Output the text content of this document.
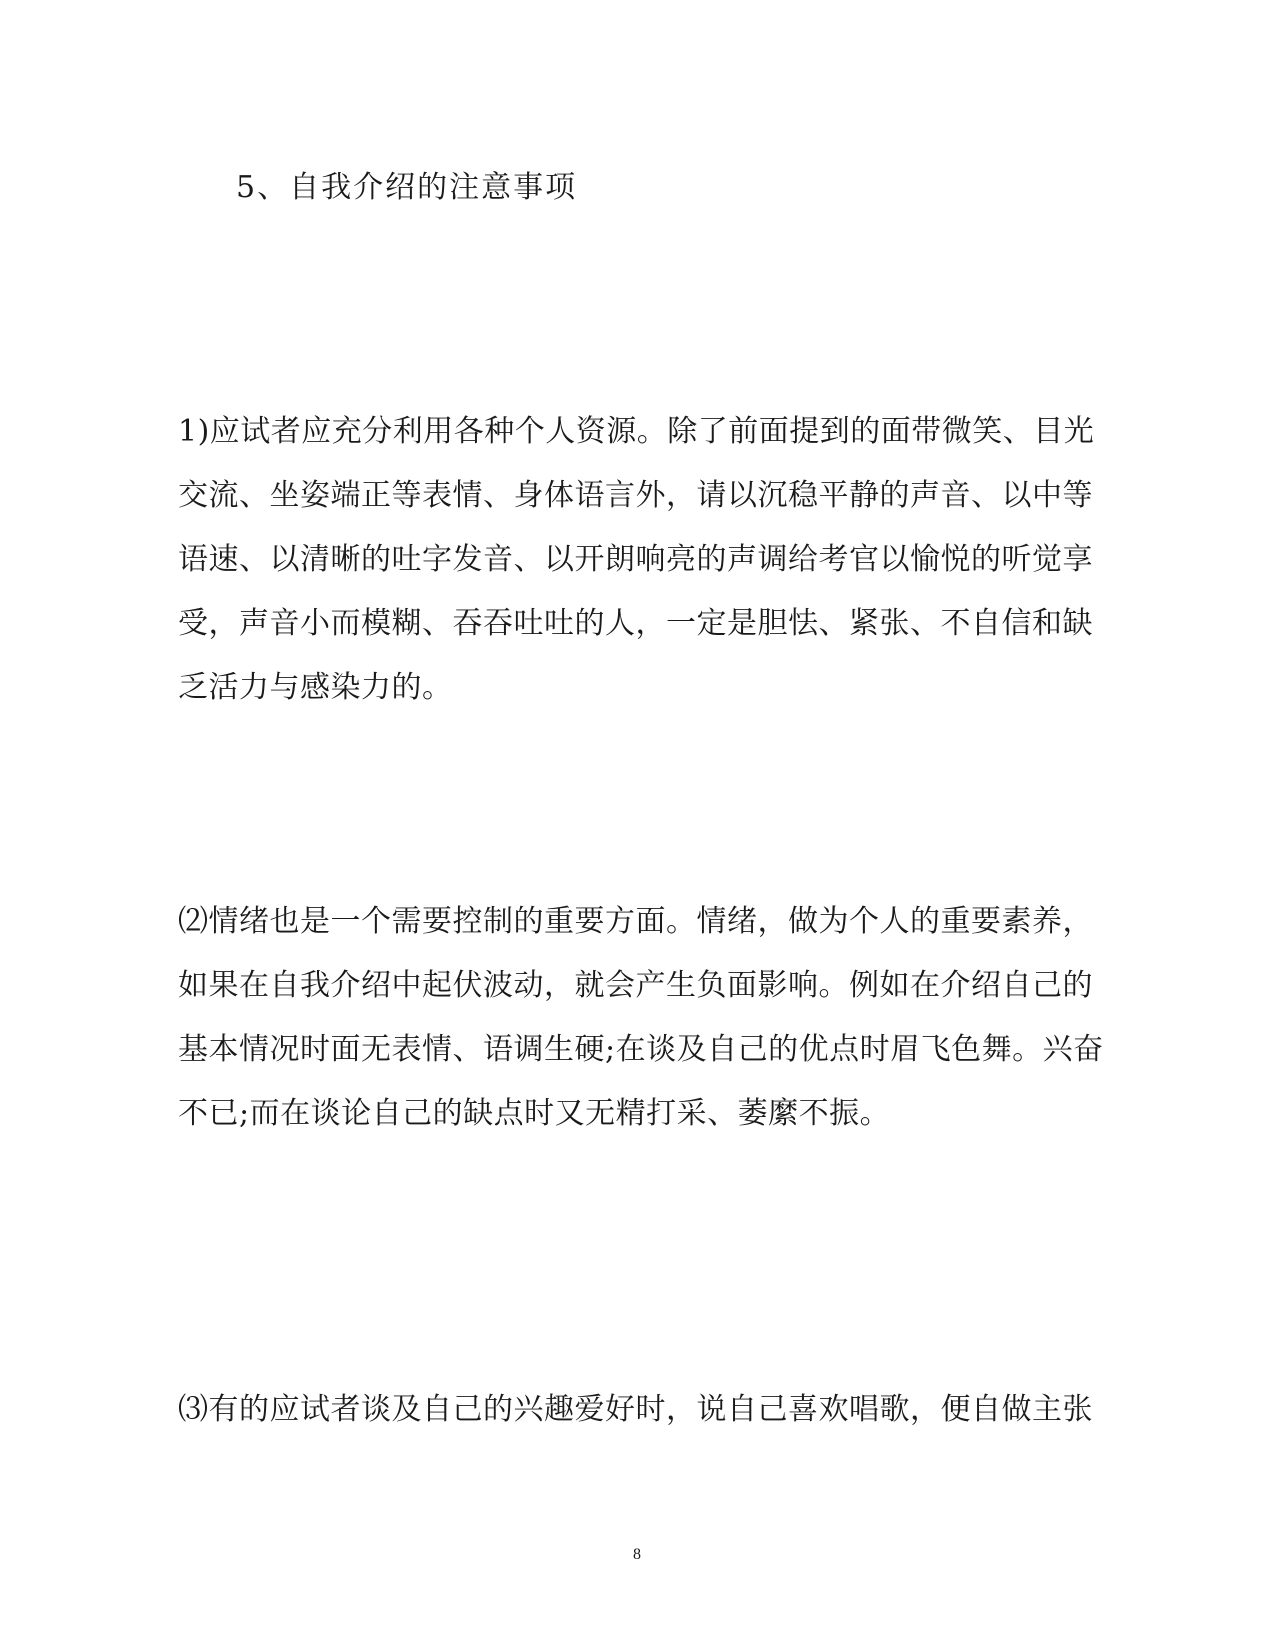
5、自我介绍的注意事项
1)应试者应充分利用各种个人资源。除了前面提到的面带微笑、目光
交流、坐姿端正等表情、身体语言外，请以沉稳平静的声音、以中等
语速、以清晰的吐字发音、以开朗响亮的声调给考官以愉悦的听觉享
受，声音小而模糊、吞吞吐吐的人，一定是胆怯、紧张、不自信和缺
乏活力与感染力的。
⑵情绪也是一个需要控制的重要方面。情绪，做为个人的重要素养，
如果在自我介绍中起伏波动，就会产生负面影响。例如在介绍自己的
基本情况时面无表情、语调生硬;在谈及自己的优点时眉飞色舞。兴奋
不已;而在谈论自己的缺点时又无精打采、萎縻不振。
⑶有的应试者谈及自己的兴趣爱好时，说自己喜欢唱歌，便自做主张
8
